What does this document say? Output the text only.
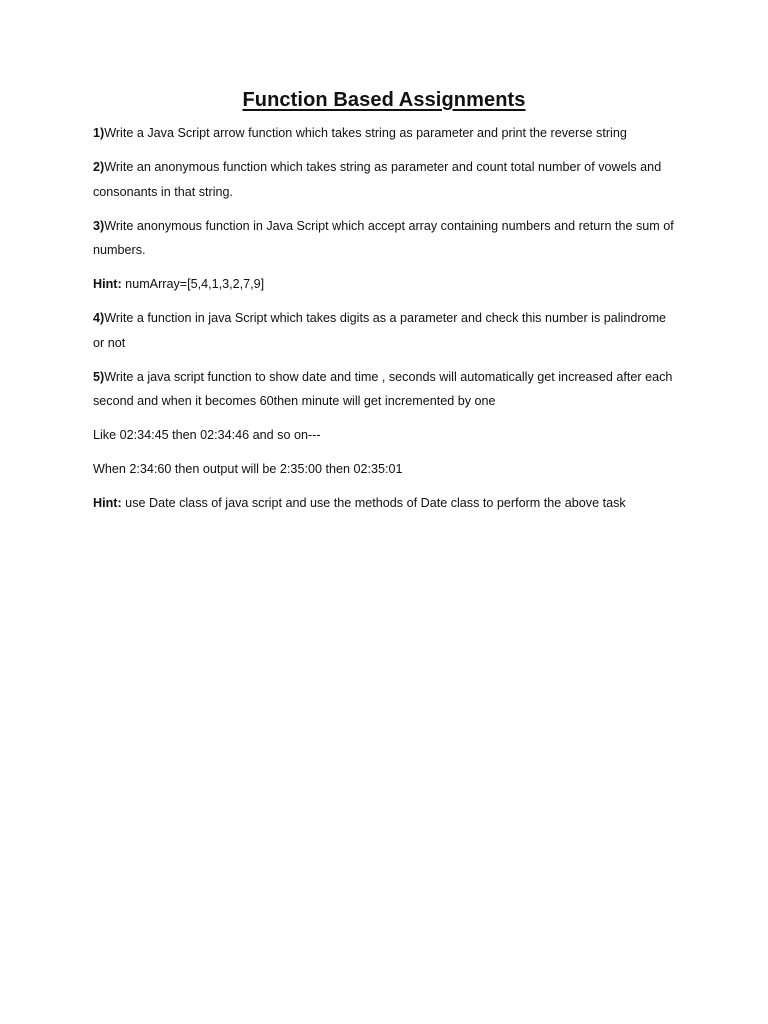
Function Based Assignments

1)Write a Java Script arrow function which takes string as parameter and print the reverse string

2)Write an anonymous function which takes string as parameter and count total number of vowels and consonants in that string.

3)Write anonymous function in Java Script which accept array containing numbers and return the sum of numbers.

Hint: numArray=[5,4,1,3,2,7,9]

4)Write a function in java Script which takes digits as a parameter and check this number is palindrome or not

5)Write a java script function to show date and time , seconds will automatically get increased after each second and when it becomes 60then minute will get incremented by one

Like 02:34:45 then 02:34:46 and so on---

When 2:34:60 then output will be 2:35:00 then 02:35:01

Hint: use Date class of java script and use the methods of Date class to perform the above task
